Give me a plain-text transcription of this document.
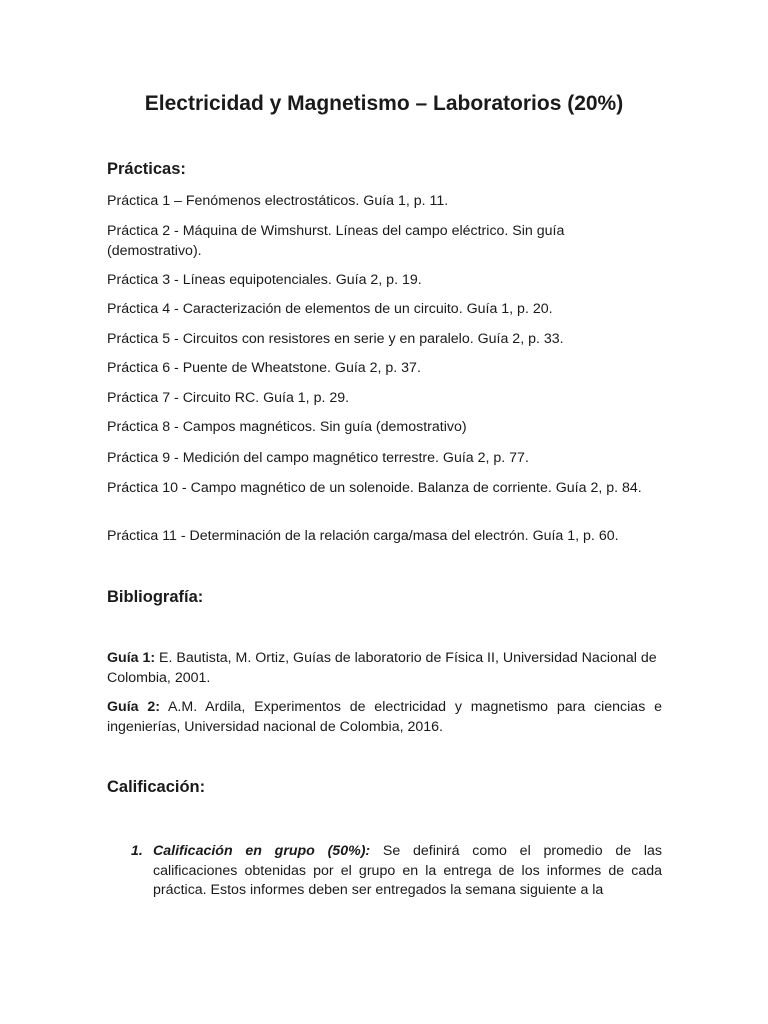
Electricidad y Magnetismo – Laboratorios (20%)
Prácticas:

Práctica 1 – Fenómenos electrostáticos. Guía 1, p. 11.

Práctica 2 - Máquina de Wimshurst. Líneas del campo eléctrico. Sin guía (demostrativo).

Práctica 3 - Líneas equipotenciales. Guía 2, p. 19.

Práctica 4 - Caracterización de elementos de un circuito. Guía 1, p. 20.

Práctica 5 - Circuitos con resistores en serie y en paralelo. Guía 2, p. 33.

Práctica 6 - Puente de Wheatstone. Guía 2, p. 37.

Práctica 7 - Circuito RC. Guía 1, p. 29.

Práctica 8 - Campos magnéticos. Sin guía (demostrativo)

Práctica 9 - Medición del campo magnético terrestre. Guía 2, p. 77.

Práctica 10 - Campo magnético de un solenoide. Balanza de corriente. Guía 2, p. 84.

Práctica 11 - Determinación de la relación carga/masa del electrón. Guía 1, p. 60.

Bibliografía:

Guía 1: E. Bautista, M. Ortiz, Guías de laboratorio de Física II, Universidad Nacional de Colombia, 2001.

Guía 2: A.M. Ardila, Experimentos de electricidad y magnetismo para ciencias e ingenierías, Universidad nacional de Colombia, 2016.

Calificación:
1. Calificación en grupo (50%): Se definirá como el promedio de las calificaciones obtenidas por el grupo en la entrega de los informes de cada práctica. Estos informes deben ser entregados la semana siguiente a la
